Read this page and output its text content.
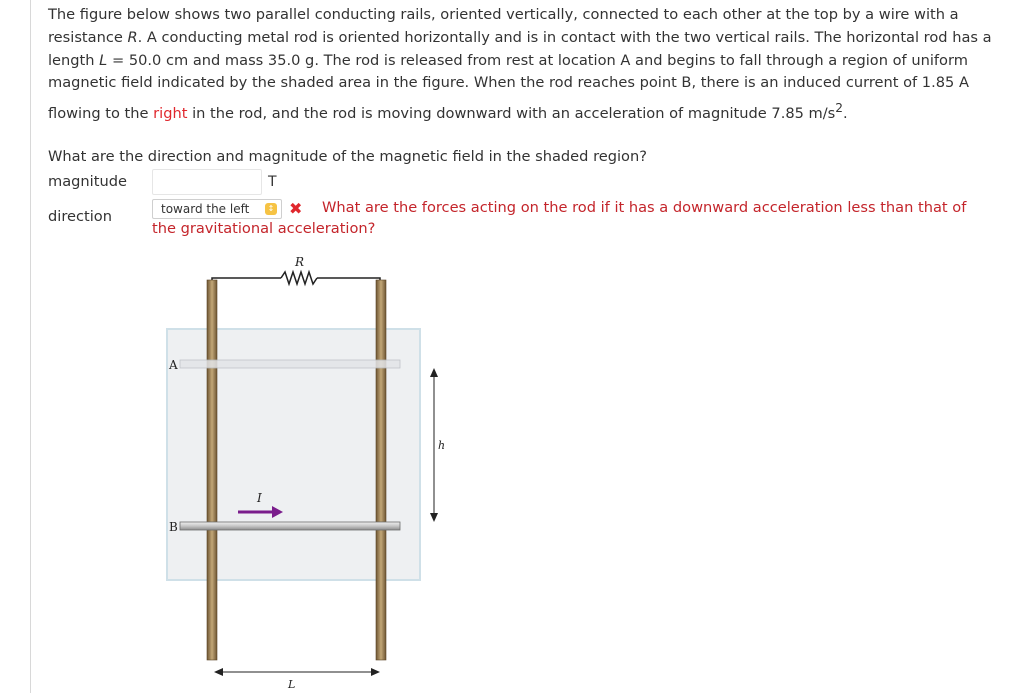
The figure below shows two parallel conducting rails, oriented vertically, connected to each other at the top by a wire with a

resistance R. A conducting metal rod is oriented horizontally and is in contact with the two vertical rails. The horizontal rod has a

length L = 50.0 cm and mass 35.0 g. The rod is released from rest at location A and begins to fall through a region of uniform

magnetic field indicated by the shaded area in the figure. When the rod reaches point B, there is an induced current of 1.85 A

flowing to the right in the rod, and the rod is moving downward with an acceleration of magnitude 7.85 $m/s^2$.

What are the direction and magnitude of the magnetic field in the shaded region?
magnitude	T
direction	toward the left	↕ ✖	What are the forces acting on the rod if it has a downward acceleration less than that of the gravitational acceleration?
R
A
B
I
h
L
